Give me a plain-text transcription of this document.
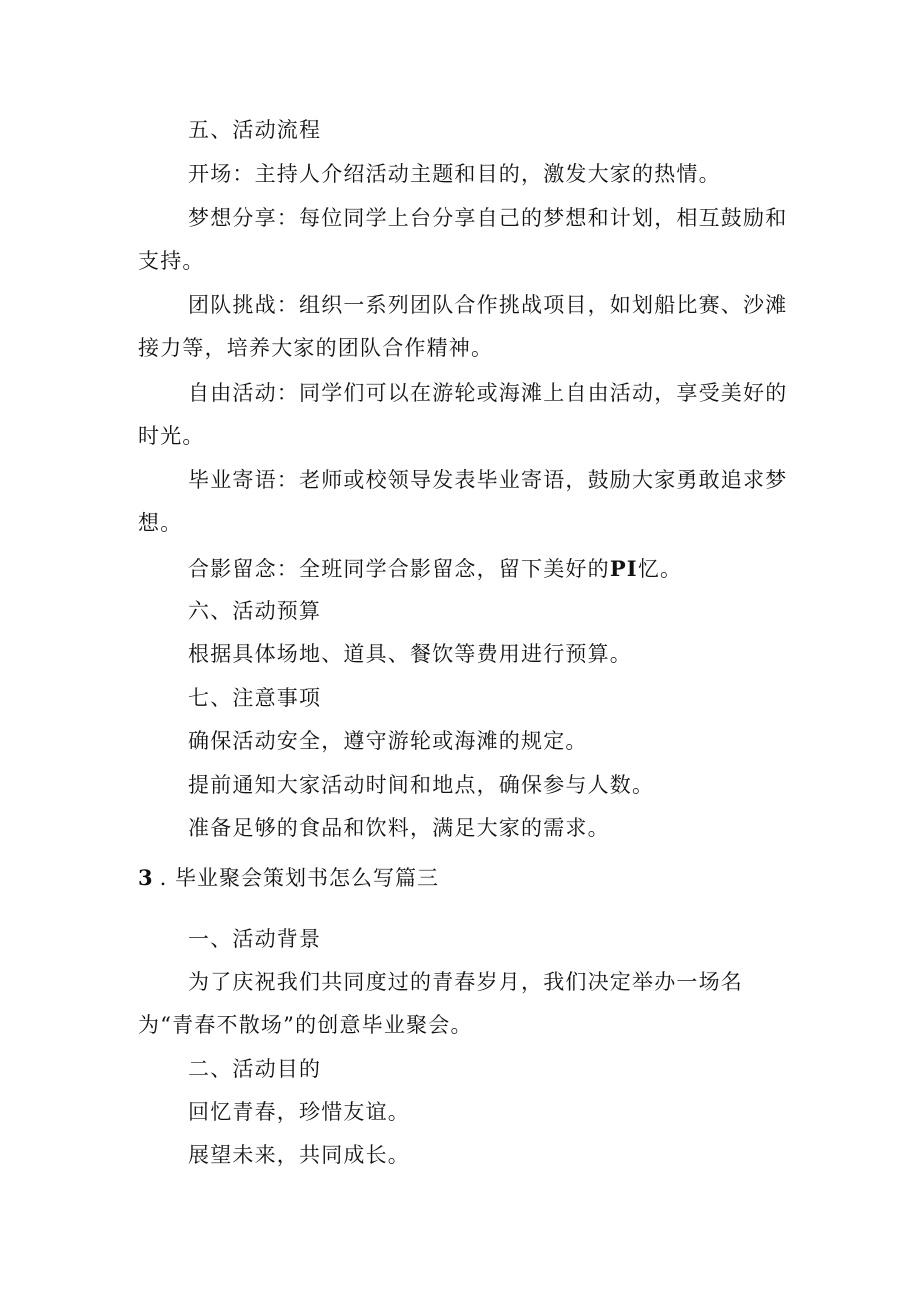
五、活动流程

开场：主持人介绍活动主题和目的，激发大家的热情。

梦想分享：每位同学上台分享自己的梦想和计划，相互鼓励和支持。

团队挑战：组织一系列团队合作挑战项目，如划船比赛、沙滩接力等，培养大家的团队合作精神。

自由活动：同学们可以在游轮或海滩上自由活动，享受美好的时光。

毕业寄语：老师或校领导发表毕业寄语，鼓励大家勇敢追求梦想。

合影留念：全班同学合影留念，留下美好的PI忆。

六、活动预算

根据具体场地、道具、餐饮等费用进行预算。

七、注意事项

确保活动安全，遵守游轮或海滩的规定。

提前通知大家活动时间和地点，确保参与人数。

准备足够的食品和饮料，满足大家的需求。

3 . 毕业聚会策划书怎么写篇三

一、活动背景

为了庆祝我们共同度过的青春岁月，我们决定举办一场名为“青春不散场”的创意毕业聚会。

二、活动目的

回忆青春，珍惜友谊。

展望未来，共同成长。
